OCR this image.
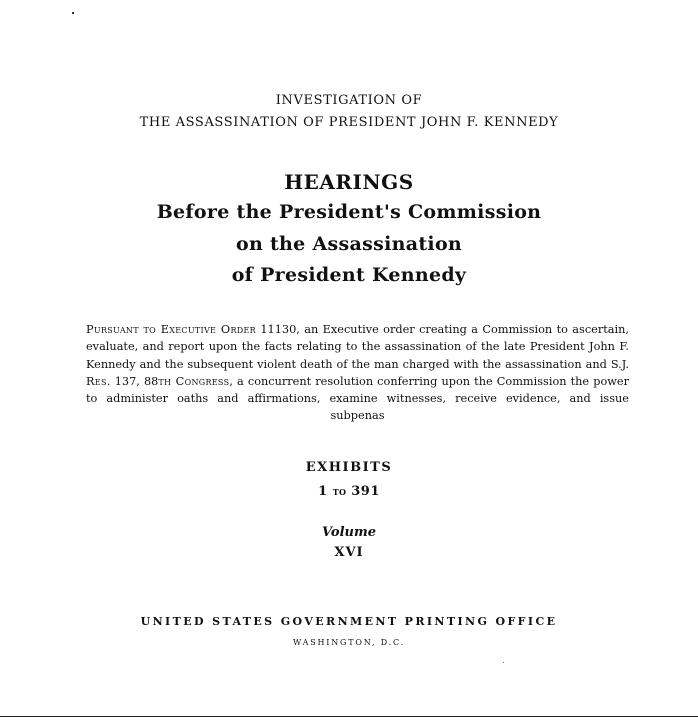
INVESTIGATION OF
THE ASSASSINATION OF PRESIDENT JOHN F. KENNEDY
HEARINGS
Before the President's Commission
on the Assassination
of President Kennedy
Pursuant to Executive Order 11130, an Executive order creating a Commission to ascertain, evaluate, and report upon the facts relating to the assassination of the late President John F. Kennedy and the subsequent violent death of the man charged with the assassination and S.J. Res. 137, 88th Congress, a concurrent resolution conferring upon the Commission the power to administer oaths and affirmations, examine witnesses, receive evidence, and issue subpenas
EXHIBITS
1 to 391
Volume
XVI
UNITED STATES GOVERNMENT PRINTING OFFICE
WASHINGTON, D.C.
